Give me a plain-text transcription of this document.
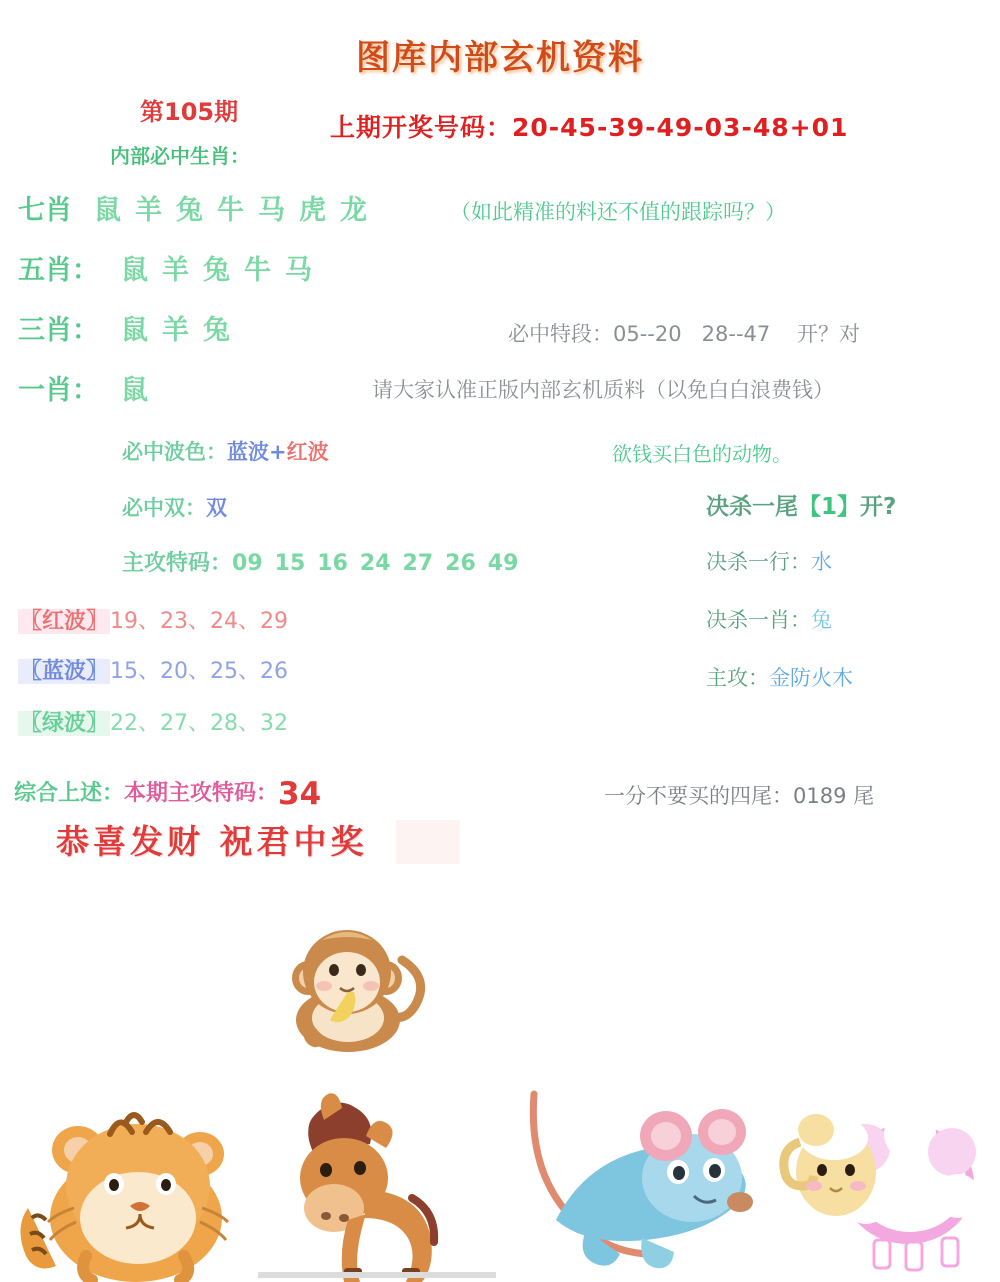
图库内部玄机资料
第105期
上期开奖号码：20-45-39-49-03-48+01
内部必中生肖：
七肖 鼠 羊 兔 牛 马 虎 龙	（如此精准的料还不值的跟踪吗？）
五肖： 鼠 羊 兔 牛 马
三肖： 鼠 羊 兔	必中特段：05--20 28--47 开？对
一肖： 鼠	请大家认准正版内部玄机质料（以免白白浪费钱）
必中波色：蓝波+红波	欲钱买白色的动物。
必中双：双	决杀一尾【1】开?
主攻特码：09 15 16 24 27 26 49	决杀一行：水
〖红波〗19、23、24、29	决杀一肖：兔
〖蓝波〗15、20、25、26	主攻：金防火木
〖绿波〗22、27、28、32
综合上述：本期主攻特码：34	一分不要买的四尾：0189 尾
恭喜发财 祝君中奖
